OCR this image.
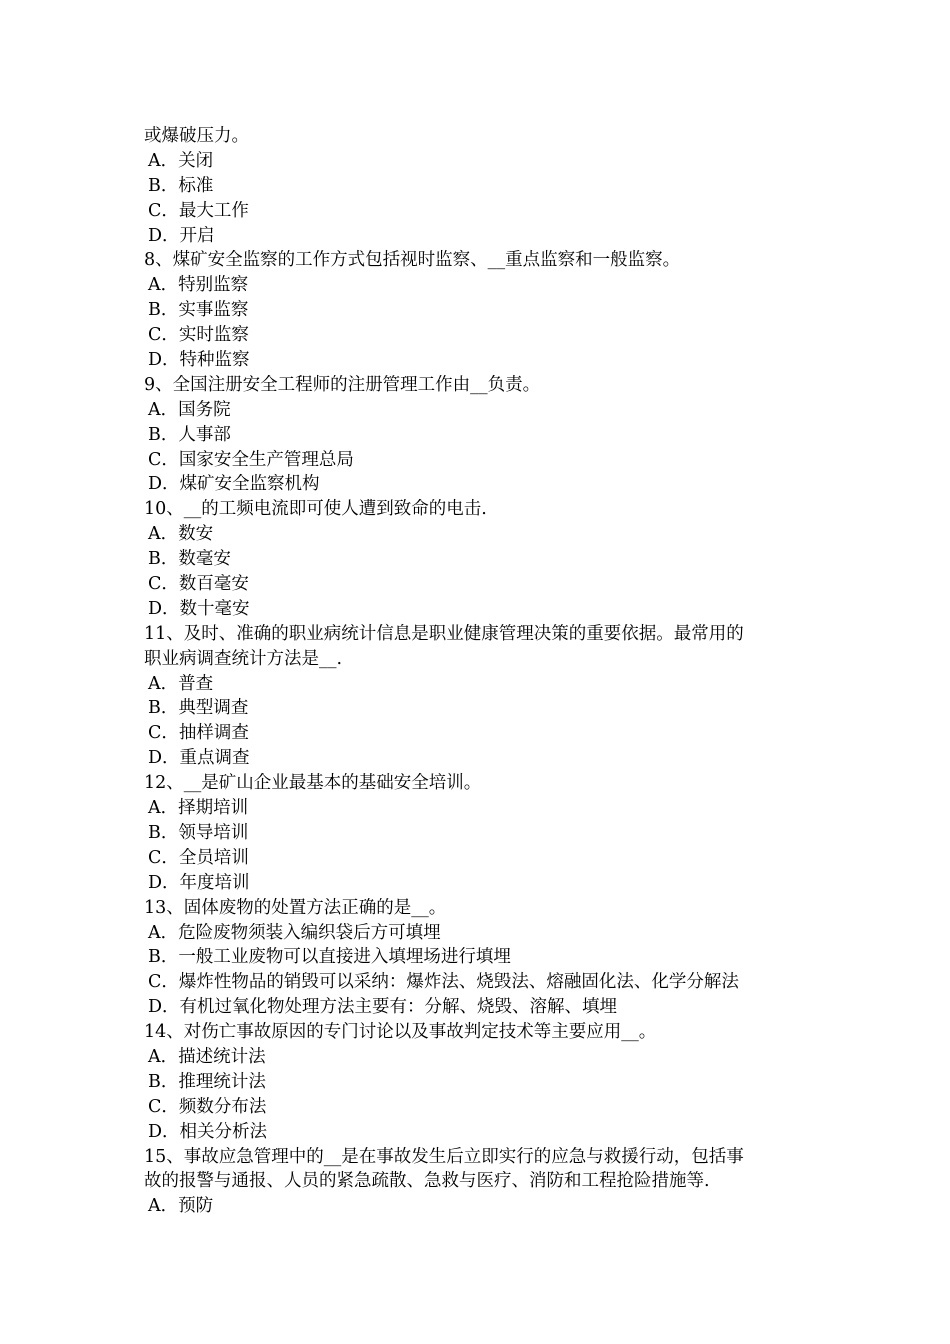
或爆破压力。
A．关闭
B．标准
C．最大工作
D．开启
8、煤矿安全监察的工作方式包括视时监察、__重点监察和一般监察。
A．特别监察
B．实事监察
C．实时监察
D．特种监察
9、全国注册安全工程师的注册管理工作由__负责。
A．国务院
B．人事部
C．国家安全生产管理总局
D．煤矿安全监察机构
10、__的工频电流即可使人遭到致命的电击.
A．数安
B．数毫安
C．数百毫安
D．数十毫安
11、及时、准确的职业病统计信息是职业健康管理决策的重要依据。最常用的
职业病调查统计方法是__.
A．普查
B．典型调查
C．抽样调查
D．重点调查
12、__是矿山企业最基本的基础安全培训。
A．择期培训
B．领导培训
C．全员培训
D．年度培训
13、固体废物的处置方法正确的是__。
A．危险废物须装入编织袋后方可填埋
B．一般工业废物可以直接进入填埋场进行填埋
C．爆炸性物品的销毁可以采纳：爆炸法、烧毁法、熔融固化法、化学分解法
D．有机过氧化物处理方法主要有：分解、烧毁、溶解、填埋
14、对伤亡事故原因的专门讨论以及事故判定技术等主要应用__。
A．描述统计法
B．推理统计法
C．频数分布法
D．相关分析法
15、事故应急管理中的__是在事故发生后立即实行的应急与救援行动，包括事
故的报警与通报、人员的紧急疏散、急救与医疗、消防和工程抢险措施等.
A．预防
